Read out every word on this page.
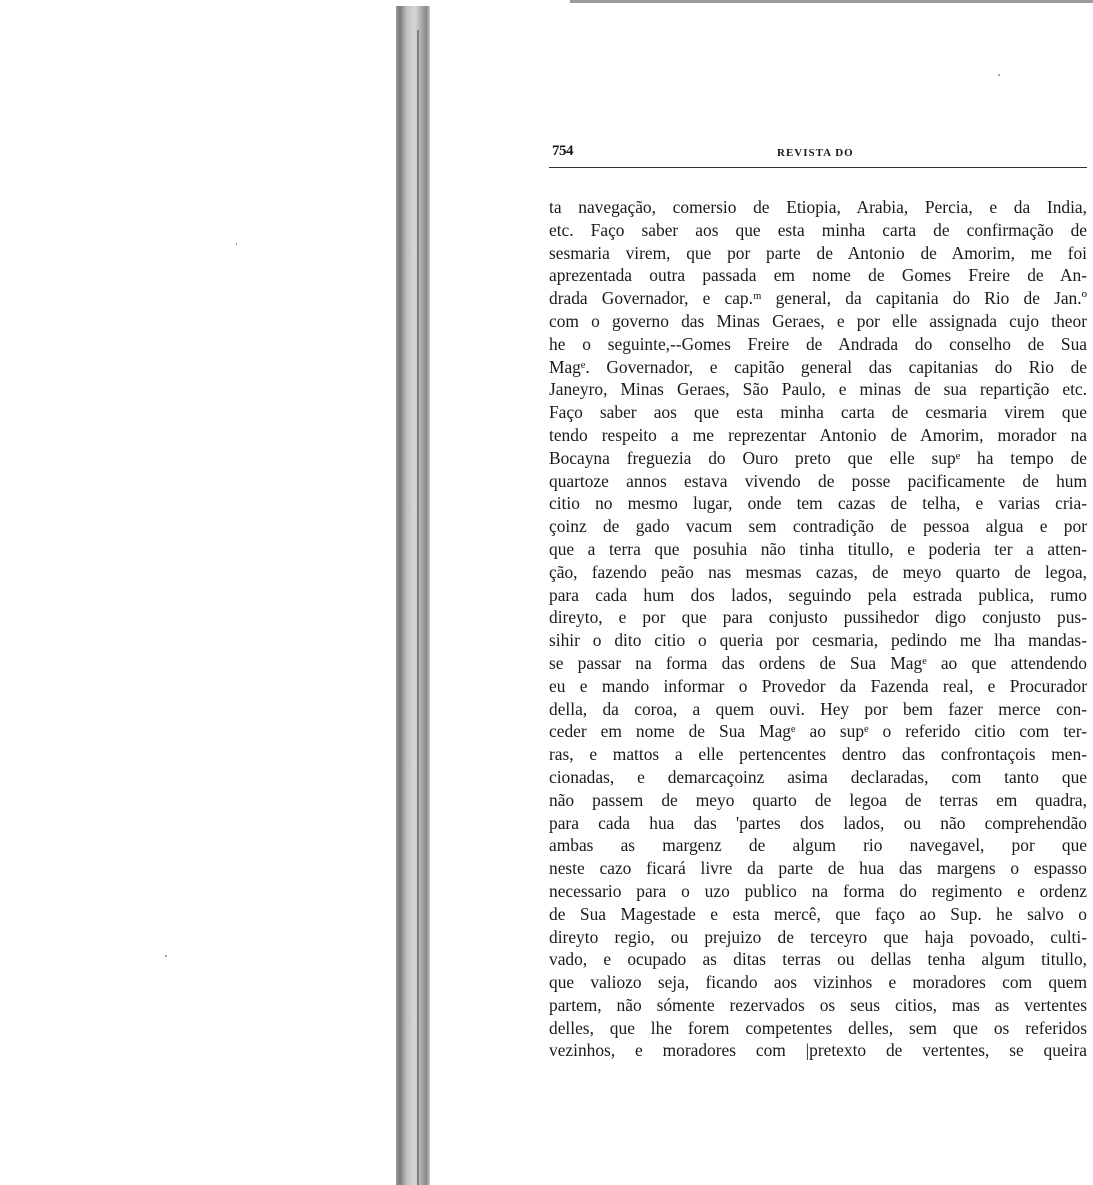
754	REVISTA DO
ta navegação, comersio de Etiopia, Arabia, Percia, e da India,
etc. Faço saber aos que esta minha carta de confirmação de
sesmaria virem, que por parte de Antonio de Amorim, me foi
aprezentada outra passada em nome de Gomes Freire de An-
drada Governador, e cap.ᵐ general, da capitania do Rio de Jan.º
com o governo das Minas Geraes, e por elle assignada cujo theor
he o seguinte,--Gomes Freire de Andrada do conselho de Sua
Magᵉ. Governador, e capitão general das capitanias do Rio de
Janeyro, Minas Geraes, São Paulo, e minas de sua repartição etc.
Faço saber aos que esta minha carta de cesmaria virem que
tendo respeito a me reprezentar Antonio de Amorim, morador na
Bocayna freguezia do Ouro preto que elle supᵉ ha tempo de
quartoze annos estava vivendo de posse pacificamente de hum
citio no mesmo lugar, onde tem cazas de telha, e varias cria-
çoinz de gado vacum sem contradição de pessoa algua e por
que a terra que posuhia não tinha titullo, e poderia ter a atten-
ção, fazendo peão nas mesmas cazas, de meyo quarto de legoa,
para cada hum dos lados, seguindo pela estrada publica, rumo
direyto, e por que para conjusto pussihedor digo conjusto pus-
sihir o dito citio o queria por cesmaria, pedindo me lha mandas-
se passar na forma das ordens de Sua Magᵉ ao que attendendo
eu e mando informar o Provedor da Fazenda real, e Procurador
della, da coroa, a quem ouvi. Hey por bem fazer merce con-
ceder em nome de Sua Magᵉ ao supᵉ o referido citio com ter-
ras, e mattos a elle pertencentes dentro das confrontaçois men-
cionadas, e demarcaçoinz asima declaradas, com tanto que
não passem de meyo quarto de legoa de terras em quadra,
para cada hua das 'partes dos lados, ou não comprehendão
ambas as margenz de algum rio navegavel, por que
neste cazo ficará livre da parte de hua das margens o espasso
necessario para o uzo publico na forma do regimento e ordenz
de Sua Magestade e esta mercê, que faço ao Sup. he salvo o
direyto regio, ou prejuizo de terceyro que haja povoado, culti-
vado, e ocupado as ditas terras ou dellas tenha algum titullo,
que valiozo seja, ficando aos vizinhos e moradores com quem
partem, não sómente rezervados os seus citios, mas as vertentes
delles, que lhe forem competentes delles, sem que os referidos
vezinhos, e moradores com |pretexto de vertentes, se queira
